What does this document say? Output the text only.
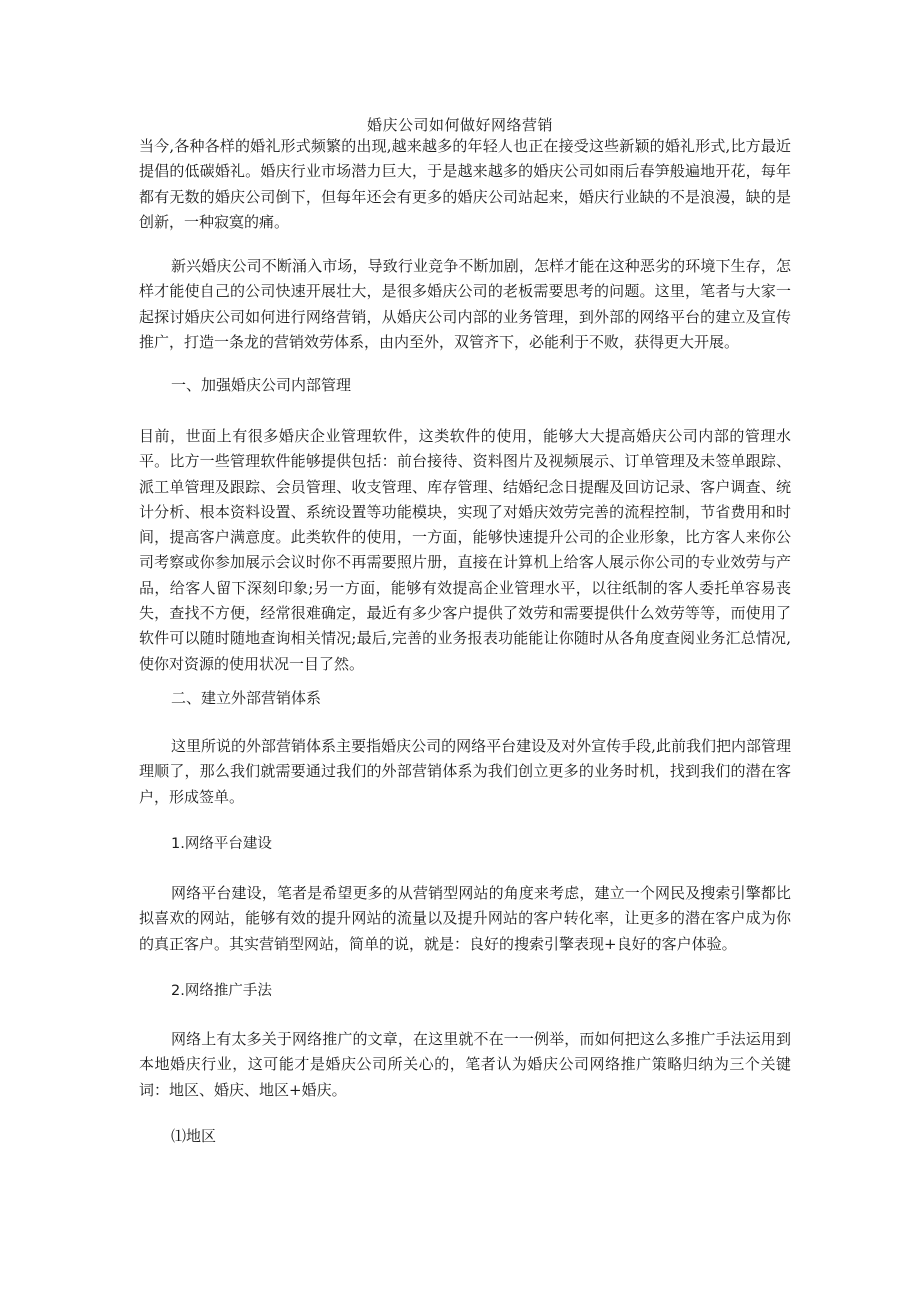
婚庆公司如何做好网络营销

当今,各种各样的婚礼形式频繁的出现,越来越多的年轻人也正在接受这些新颖的婚礼形式,比方最近提倡的低碳婚礼。婚庆行业市场潜力巨大，于是越来越多的婚庆公司如雨后春笋般遍地开花，每年都有无数的婚庆公司倒下，但每年还会有更多的婚庆公司站起来，婚庆行业缺的不是浪漫，缺的是创新，一种寂寞的痛。

新兴婚庆公司不断涌入市场，导致行业竞争不断加剧，怎样才能在这种恶劣的环境下生存，怎样才能使自己的公司快速开展壮大，是很多婚庆公司的老板需要思考的问题。这里，笔者与大家一起探讨婚庆公司如何进行网络营销，从婚庆公司内部的业务管理，到外部的网络平台的建立及宣传推广，打造一条龙的营销效劳体系，由内至外，双管齐下，必能利于不败，获得更大开展。

一、加强婚庆公司内部管理

目前，世面上有很多婚庆企业管理软件，这类软件的使用，能够大大提高婚庆公司内部的管理水平。比方一些管理软件能够提供包括：前台接待、资料图片及视频展示、订单管理及未签单跟踪、派工单管理及跟踪、会员管理、收支管理、库存管理、结婚纪念日提醒及回访记录、客户调查、统计分析、根本资料设置、系统设置等功能模块，实现了对婚庆效劳完善的流程控制，节省费用和时间，提高客户满意度。此类软件的使用，一方面，能够快速提升公司的企业形象，比方客人来你公司考察或你参加展示会议时你不再需要照片册，直接在计算机上给客人展示你公司的专业效劳与产品，给客人留下深刻印象;另一方面，能够有效提高企业管理水平，以往纸制的客人委托单容易丧失，查找不方便，经常很难确定，最近有多少客户提供了效劳和需要提供什么效劳等等，而使用了软件可以随时随地查询相关情况;最后,完善的业务报表功能能让你随时从各角度查阅业务汇总情况,使你对资源的使用状况一目了然。

二、建立外部营销体系

这里所说的外部营销体系主要指婚庆公司的网络平台建设及对外宣传手段,此前我们把内部管理理顺了，那么我们就需要通过我们的外部营销体系为我们创立更多的业务时机，找到我们的潜在客户，形成签单。

1.网络平台建设

网络平台建设，笔者是希望更多的从营销型网站的角度来考虑，建立一个网民及搜索引擎都比拟喜欢的网站，能够有效的提升网站的流量以及提升网站的客户转化率，让更多的潜在客户成为你的真正客户。其实营销型网站，简单的说，就是：良好的搜索引擎表现+良好的客户体验。

2.网络推广手法

网络上有太多关于网络推广的文章，在这里就不在一一例举，而如何把这么多推广手法运用到本地婚庆行业，这可能才是婚庆公司所关心的，笔者认为婚庆公司网络推广策略归纳为三个关键词：地区、婚庆、地区+婚庆。

⑴地区
